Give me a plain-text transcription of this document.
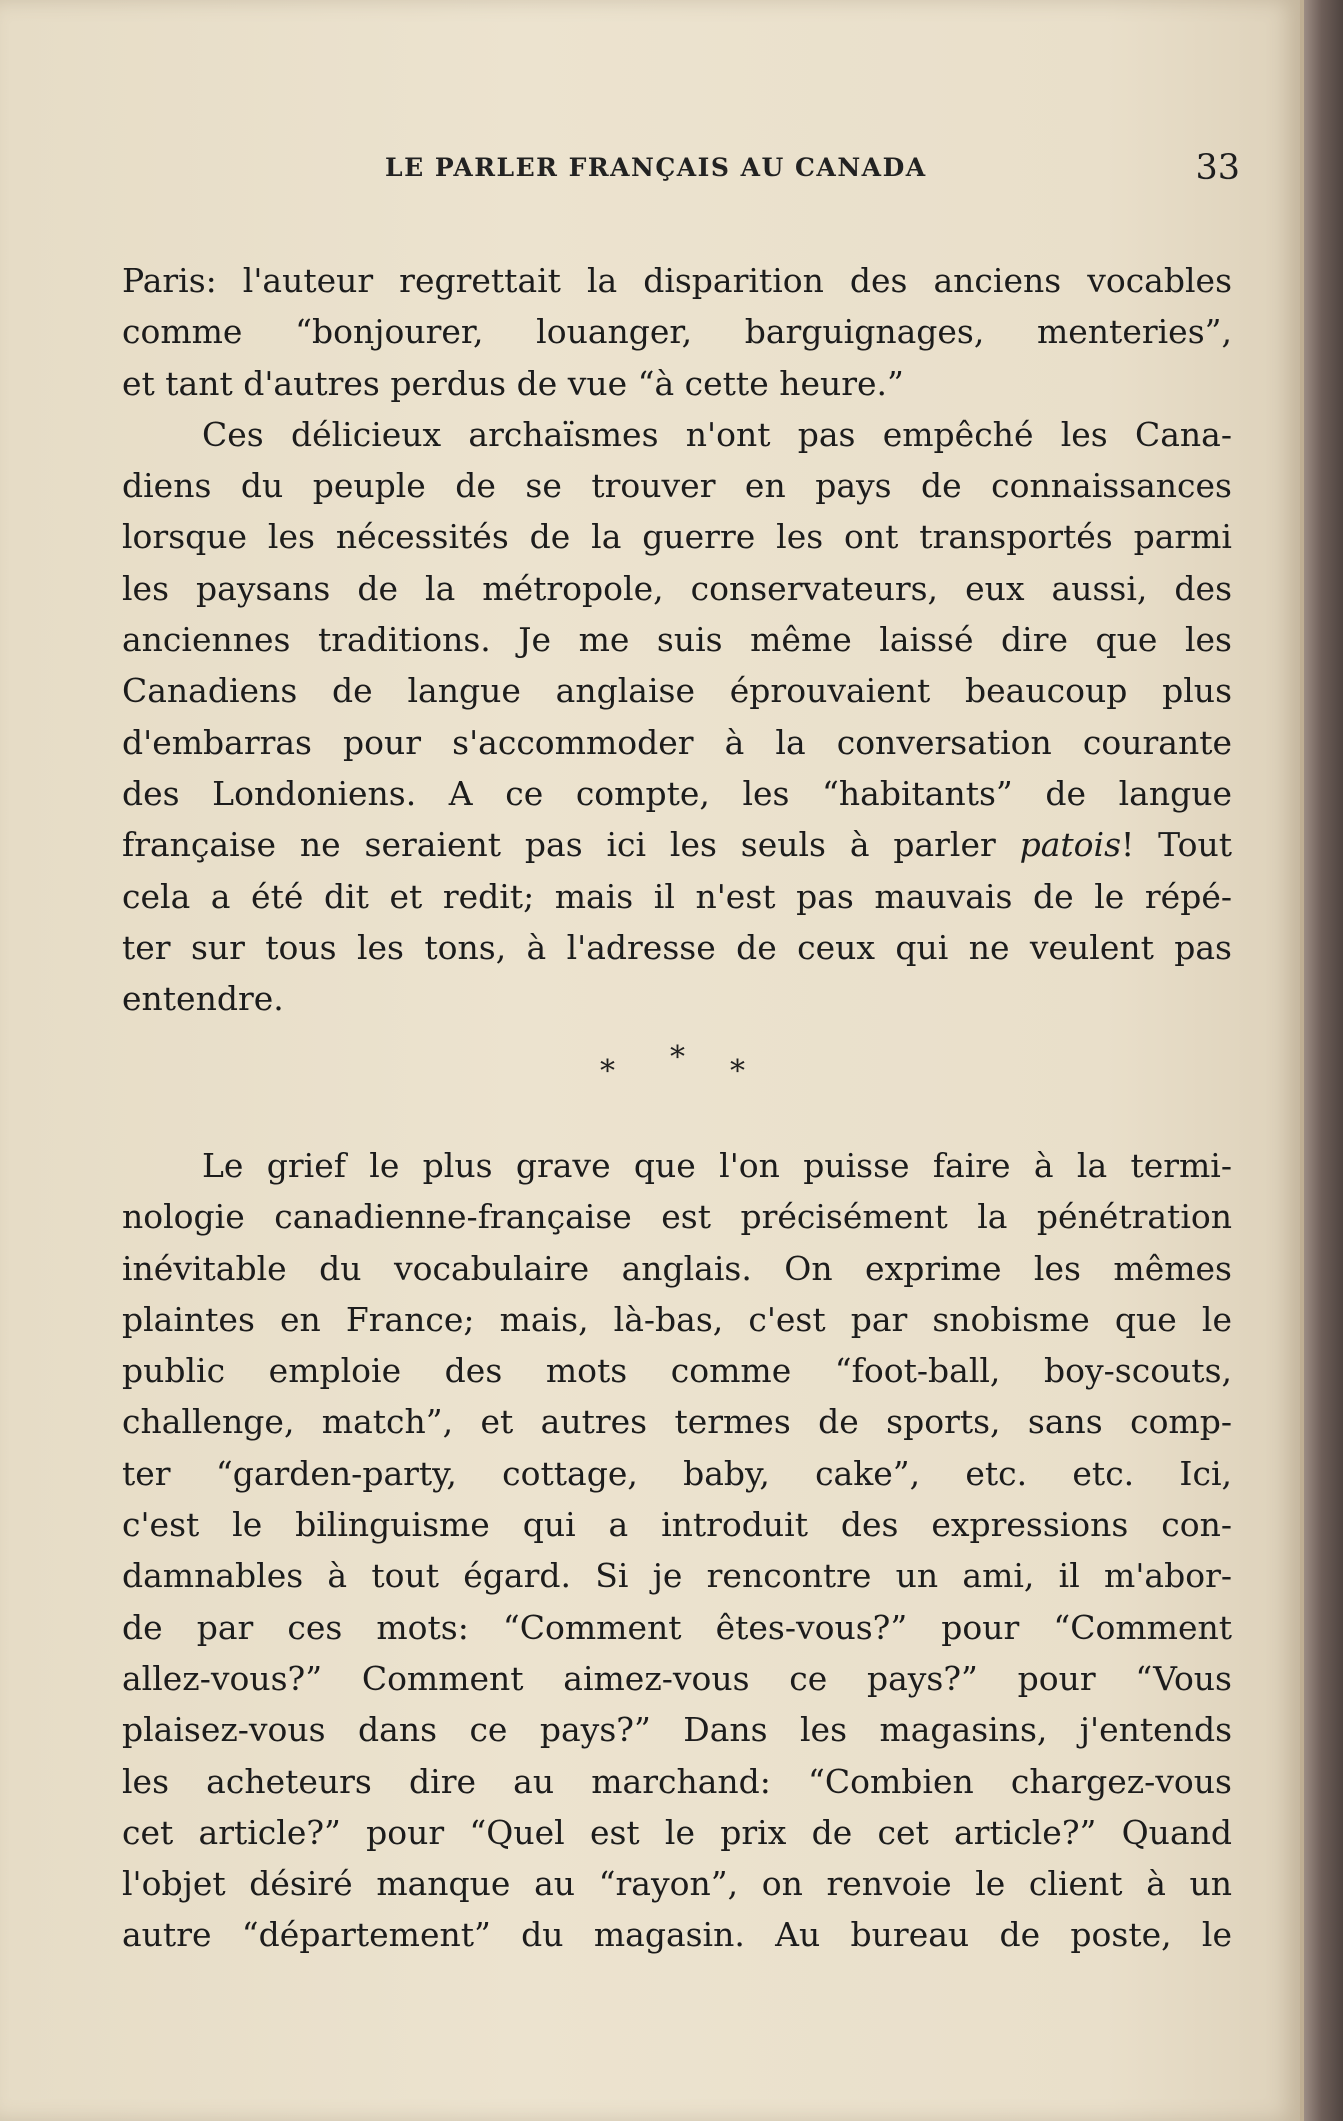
LE PARLER FRANÇAIS AU CANADA	33
Paris: l'auteur regrettait la disparition des anciens vocables
comme “bonjourer, louanger, barguignages, menteries”,
et tant d'autres perdus de vue “à cette heure.”
Ces délicieux archaïsmes n'ont pas empêché les Cana-
diens du peuple de se trouver en pays de connaissances
lorsque les nécessités de la guerre les ont transportés parmi
les paysans de la métropole, conservateurs, eux aussi, des
anciennes traditions. Je me suis même laissé dire que les
Canadiens de langue anglaise éprouvaient beaucoup plus
d'embarras pour s'accommoder à la conversation courante
des Londoniens. A ce compte, les “habitants” de langue
française ne seraient pas ici les seuls à parler patois! Tout
cela a été dit et redit; mais il n'est pas mauvais de le répé-
ter sur tous les tons, à l'adresse de ceux qui ne veulent pas
entendre.
* * *
Le grief le plus grave que l'on puisse faire à la termi-
nologie canadienne-française est précisément la pénétration
inévitable du vocabulaire anglais. On exprime les mêmes
plaintes en France; mais, là-bas, c'est par snobisme que le
public emploie des mots comme “foot-ball, boy-scouts,
challenge, match”, et autres termes de sports, sans comp-
ter “garden-party, cottage, baby, cake”, etc. etc. Ici,
c'est le bilinguisme qui a introduit des expressions con-
damnables à tout égard. Si je rencontre un ami, il m'abor-
de par ces mots: “Comment êtes-vous?” pour “Comment
allez-vous?” Comment aimez-vous ce pays?” pour “Vous
plaisez-vous dans ce pays?” Dans les magasins, j'entends
les acheteurs dire au marchand: “Combien chargez-vous
cet article?” pour “Quel est le prix de cet article?” Quand
l'objet désiré manque au “rayon”, on renvoie le client à un
autre “département” du magasin. Au bureau de poste, le
